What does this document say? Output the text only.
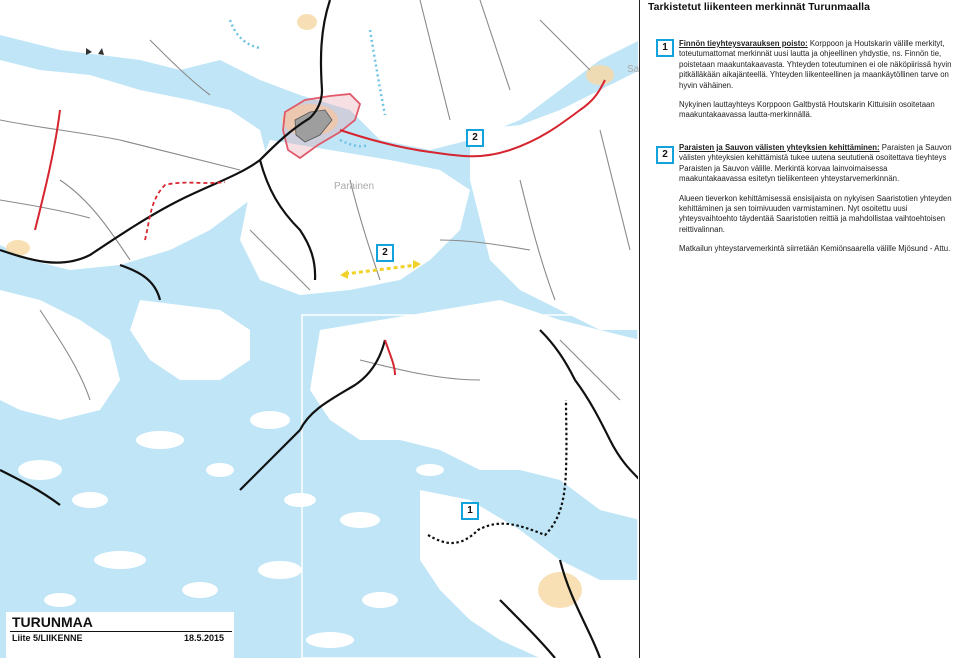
Parainen
Sa
2
2
1
TURUNMAA
Liite 5/LIIKENNE	18.5.2015
Tarkistetut liikenteen merkinnät Turunmaalla
1	Finnön tieyhteysvarauksen poisto: Korppoon ja Houtskarin välille merkityt, toteutumattomat merkinnät uusi lautta ja ohjeellinen yhdystie, ns. Finnön tie, poistetaan maakuntakaavasta. Yhteyden toteutuminen ei ole näköpiirissä hyvin pitkälläkään aikajänteellä. Yhteyden liikenteellinen ja maankäytöllinen tarve on hyvin vähäinen.

Nykyinen lauttayhteys Korppoon Galtbystä Houtskarin Kittuisiin osoitetaan maakuntakaavassa lautta-merkinnällä.

2

Paraisten ja Sauvon välisten yhteyksien kehittäminen: Paraisten ja Sauvon välisten yhteyksien kehittämistä tukee uutena seututienä osoitettava tieyhteys Paraisten ja Sauvon välille. Merkintä korvaa lainvoimaisessa maakuntakaavassa esitetyn tieliikenteen yhteystarvemerkinnän.

Alueen tieverkon kehittämisessä ensisijaista on nykyisen Saaristotien yhteyden kehittäminen ja sen toimivuuden varmistaminen. Nyt osoitettu uusi yhteysvaihtoehto täydentää Saaristotien reittiä ja mahdollistaa vaihtoehtoisen reittivalinnan.

Matkailun yhteystarvemerkintä siirretään Kemiönsaarella välille Mjösund - Attu.
